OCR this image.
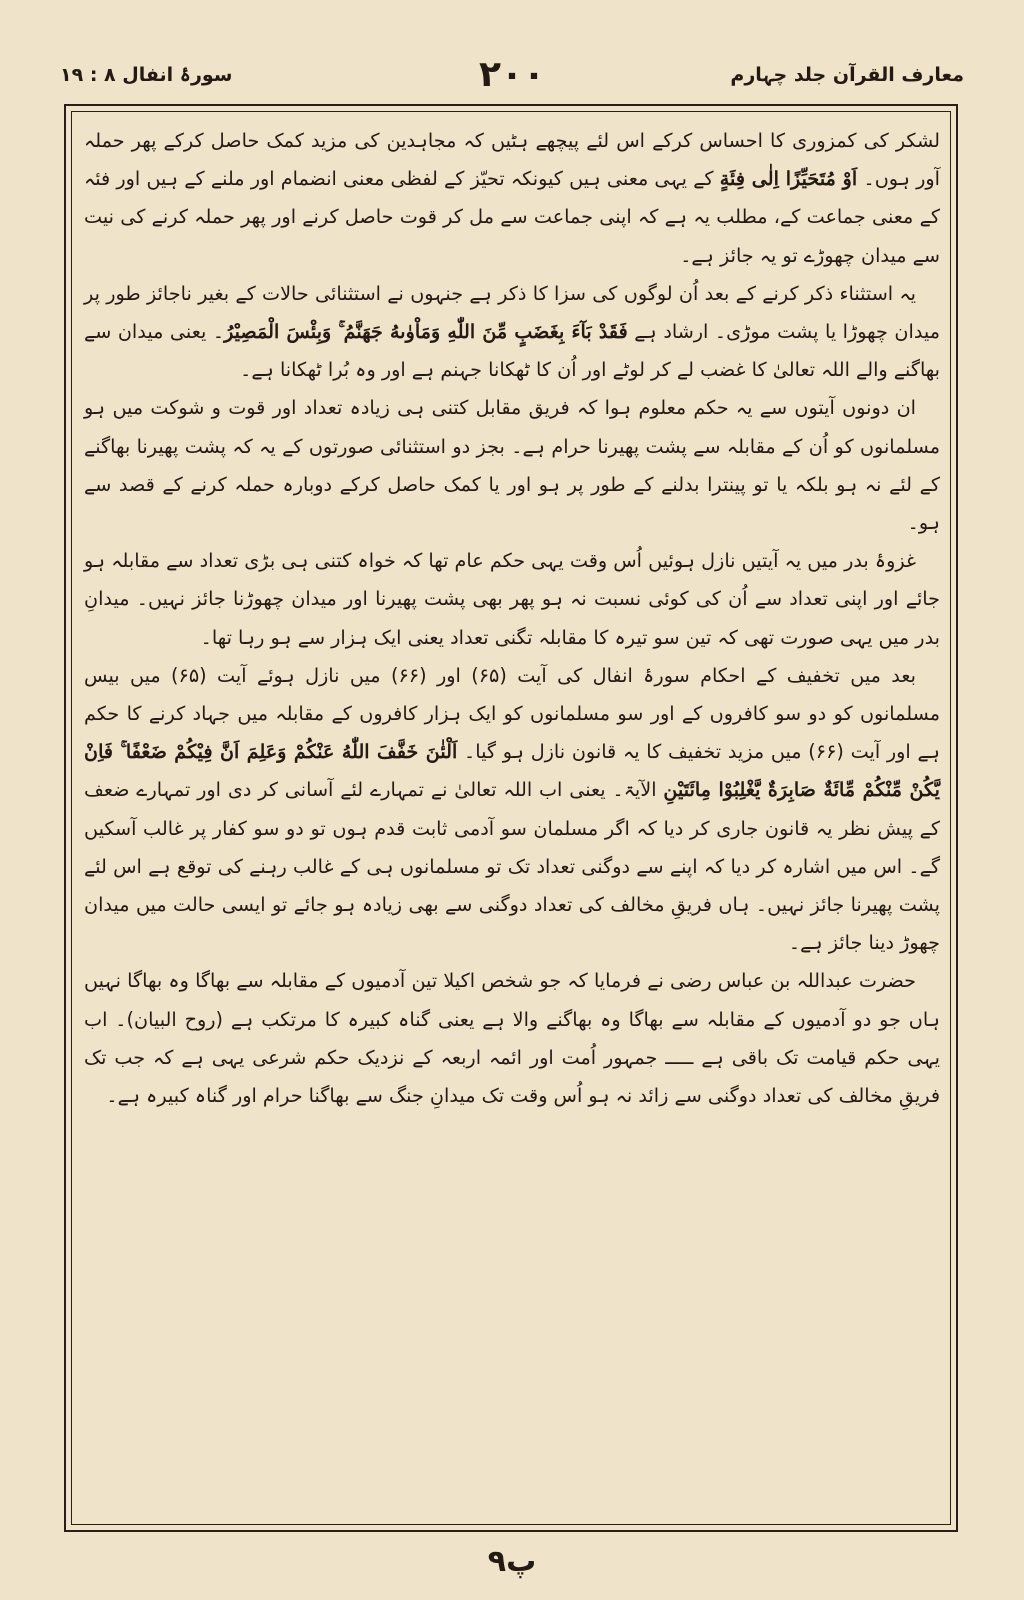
معارف القرآن جلد چہارم
۲۰۰
سورۂ انفال ۸ : ۱۹

لشکر کی کمزوری کا احساس کرکے اس لئے پیچھے ہٹیں کہ مجاہدین کی مزید کمک حاصل کرکے پھر حملہ آور ہوں۔ اَوْ مُتَحَيِّزًا اِلٰى فِئَةٍ کے یہی معنی ہیں کیونکہ تحیّز کے لفظی معنی انضمام اور ملنے کے ہیں اور فئہ کے معنی جماعت کے، مطلب یہ ہے کہ اپنی جماعت سے مل کر قوت حاصل کرنے اور پھر حملہ کرنے کی نیت سے میدان چھوڑے تو یہ جائز ہے۔

یہ استثناء ذکر کرنے کے بعد اُن لوگوں کی سزا کا ذکر ہے جنہوں نے استثنائی حالات کے بغیر ناجائز طور پر میدان چھوڑا یا پشت موڑی۔ ارشاد ہے فَقَدْ بَآءَ بِغَضَبٍ مِّنَ اللّٰهِ وَمَاْوٰىهُ جَهَنَّمُ ۚ وَبِئْسَ الْمَصِيْرُ۔ یعنی میدان سے بھاگنے والے اللہ تعالیٰ کا غضب لے کر لوٹے اور اُن کا ٹھکانا جہنم ہے اور وہ بُرا ٹھکانا ہے۔

ان دونوں آیتوں سے یہ حکم معلوم ہوا کہ فریق مقابل کتنی ہی زیادہ تعداد اور قوت و شوکت میں ہو مسلمانوں کو اُن کے مقابلہ سے پشت پھیرنا حرام ہے۔ بجز دو استثنائی صورتوں کے یہ کہ پشت پھیرنا بھاگنے کے لئے نہ ہو بلکہ یا تو پینترا بدلنے کے طور پر ہو اور یا کمک حاصل کرکے دوبارہ حملہ کرنے کے قصد سے ہو۔

غزوۂ بدر میں یہ آیتیں نازل ہوئیں اُس وقت یہی حکم عام تھا کہ خواہ کتنی ہی بڑی تعداد سے مقابلہ ہو جائے اور اپنی تعداد سے اُن کی کوئی نسبت نہ ہو پھر بھی پشت پھیرنا اور میدان چھوڑنا جائز نہیں۔ میدانِ بدر میں یہی صورت تھی کہ تین سو تیرہ کا مقابلہ تگنی تعداد یعنی ایک ہزار سے ہو رہا تھا۔

بعد میں تخفیف کے احکام سورۂ انفال کی آیت (۶۵) اور (۶۶) میں نازل ہوئے آیت (۶۵) میں بیس مسلمانوں کو دو سو کافروں کے اور سو مسلمانوں کو ایک ہزار کافروں کے مقابلہ میں جہاد کرنے کا حکم ہے اور آیت (۶۶) میں مزید تخفیف کا یہ قانون نازل ہو گیا۔ اَلْئٰنَ خَفَّفَ اللّٰهُ عَنْكُمْ وَعَلِمَ اَنَّ فِيْكُمْ ضَعْفًا ۚ فَاِنْ يَّكُنْ مِّنْكُمْ مِّائَةٌ صَابِرَةٌ يَّغْلِبُوْا مِائَتَيْنِ الآیۃ۔ یعنی اب اللہ تعالیٰ نے تمہارے لئے آسانی کر دی اور تمہارے ضعف کے پیش نظر یہ قانون جاری کر دیا کہ اگر مسلمان سو آدمی ثابت قدم ہوں تو دو سو کفار پر غالب آسکیں گے۔ اس میں اشارہ کر دیا کہ اپنے سے دوگنی تعداد تک تو مسلمانوں ہی کے غالب رہنے کی توقع ہے اس لئے پشت پھیرنا جائز نہیں۔ ہاں فریقِ مخالف کی تعداد دوگنی سے بھی زیادہ ہو جائے تو ایسی حالت میں میدان چھوڑ دینا جائز ہے۔

حضرت عبداللہ بن عباس رضی نے فرمایا کہ جو شخص اکیلا تین آدمیوں کے مقابلہ سے بھاگا وہ بھاگا نہیں ہاں جو دو آدمیوں کے مقابلہ سے بھاگا وہ بھاگنے والا ہے یعنی گناہ کبیرہ کا مرتکب ہے (روح البیان)۔ اب یہی حکم قیامت تک باقی ہے ـــــ جمہور اُمت اور ائمہ اربعہ کے نزدیک حکم شرعی یہی ہے کہ جب تک فریقِ مخالف کی تعداد دوگنی سے زائد نہ ہو اُس وقت تک میدانِ جنگ سے بھاگنا حرام اور گناہ کبیرہ ہے۔

۹پ
